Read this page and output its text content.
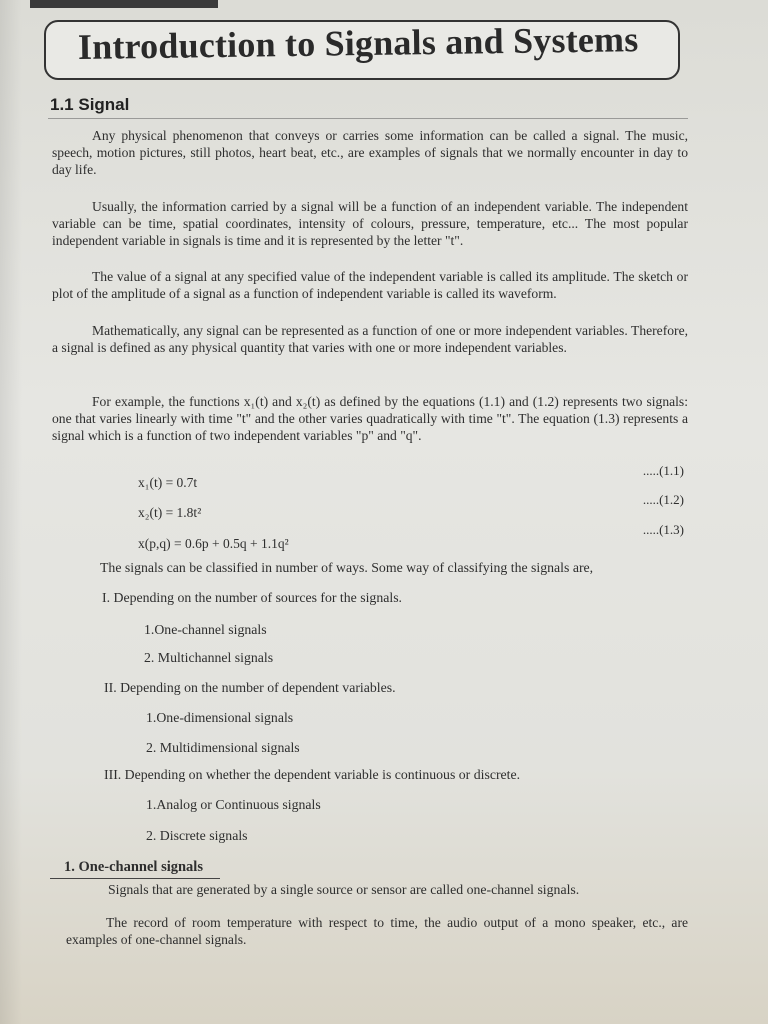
Introduction to Signals and Systems
1.1 Signal

Any physical phenomenon that conveys or carries some information can be called a signal. The music, speech, motion pictures, still photos, heart beat, etc., are examples of signals that we normally encounter in day to day life.

Usually, the information carried by a signal will be a function of an independent variable. The independent variable can be time, spatial coordinates, intensity of colours, pressure, temperature, etc... The most popular independent variable in signals is time and it is represented by the letter "t".

The value of a signal at any specified value of the independent variable is called its amplitude. The sketch or plot of the amplitude of a signal as a function of independent variable is called its waveform.

Mathematically, any signal can be represented as a function of one or more independent variables. Therefore, a signal is defined as any physical quantity that varies with one or more independent variables.

For example, the functions x₁(t) and x₂(t) as defined by the equations (1.1) and (1.2) represents two signals: one that varies linearly with time "t" and the other varies quadratically with time "t". The equation (1.3) represents a signal which is a function of two independent variables "p" and "q".

x₁(t) = 0.7t
.....(1.1)
x₂(t) = 1.8t²
.....(1.2)
x(p,q) = 0.6p + 0.5q + 1.1q²
.....(1.3)
The signals can be classified in number of ways. Some way of classifying the signals are,
I. Depending on the number of sources for the signals.
1.One-channel signals
2. Multichannel signals
II. Depending on the number of dependent variables.
1.One-dimensional signals
2. Multidimensional signals
III. Depending on whether the dependent variable is continuous or discrete.
1.Analog or Continuous signals
2. Discrete signals
1. One-channel signals
Signals that are generated by a single source or sensor are called one-channel signals.

The record of room temperature with respect to time, the audio output of a mono speaker, etc., are examples of one-channel signals.
